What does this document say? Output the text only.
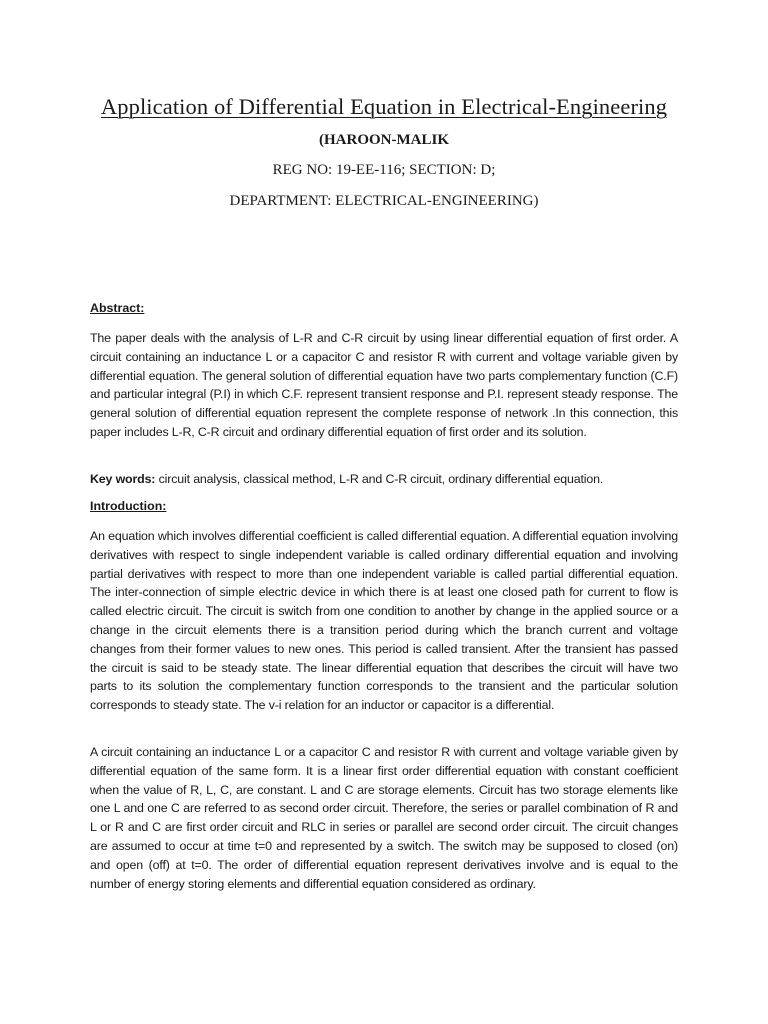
Application of Differential Equation in Electrical-Engineering

(HAROON-MALIK

REG NO: 19-EE-116; SECTION: D;

DEPARTMENT: ELECTRICAL-ENGINEERING)

Abstract:

The paper deals with the analysis of L-R and C-R circuit by using linear differential equation of first order. A circuit containing an inductance L or a capacitor C and resistor R with current and voltage variable given by differential equation. The general solution of differential equation have two parts complementary function (C.F) and particular integral (P.I) in which C.F. represent transient response and P.I. represent steady response. The general solution of differential equation represent the complete response of network .In this connection, this paper includes L-R, C-R circuit and ordinary differential equation of first order and its solution.

Key words: circuit analysis, classical method, L-R and C-R circuit, ordinary differential equation.

Introduction:

An equation which involves differential coefficient is called differential equation. A differential equation involving derivatives with respect to single independent variable is called ordinary differential equation and involving partial derivatives with respect to more than one independent variable is called partial differential equation. The inter-connection of simple electric device in which there is at least one closed path for current to flow is called electric circuit. The circuit is switch from one condition to another by change in the applied source or a change in the circuit elements there is a transition period during which the branch current and voltage changes from their former values to new ones. This period is called transient. After the transient has passed the circuit is said to be steady state. The linear differential equation that describes the circuit will have two parts to its solution the complementary function corresponds to the transient and the particular solution corresponds to steady state. The v-i relation for an inductor or capacitor is a differential.

A circuit containing an inductance L or a capacitor C and resistor R with current and voltage variable given by differential equation of the same form. It is a linear first order differential equation with constant coefficient when the value of R, L, C, are constant. L and C are storage elements. Circuit has two storage elements like one L and one C are referred to as second order circuit. Therefore, the series or parallel combination of R and L or R and C are first order circuit and RLC in series or parallel are second order circuit. The circuit changes are assumed to occur at time t=0 and represented by a switch. The switch may be supposed to closed (on) and open (off) at t=0. The order of differential equation represent derivatives involve and is equal to the number of energy storing elements and differential equation considered as ordinary.
